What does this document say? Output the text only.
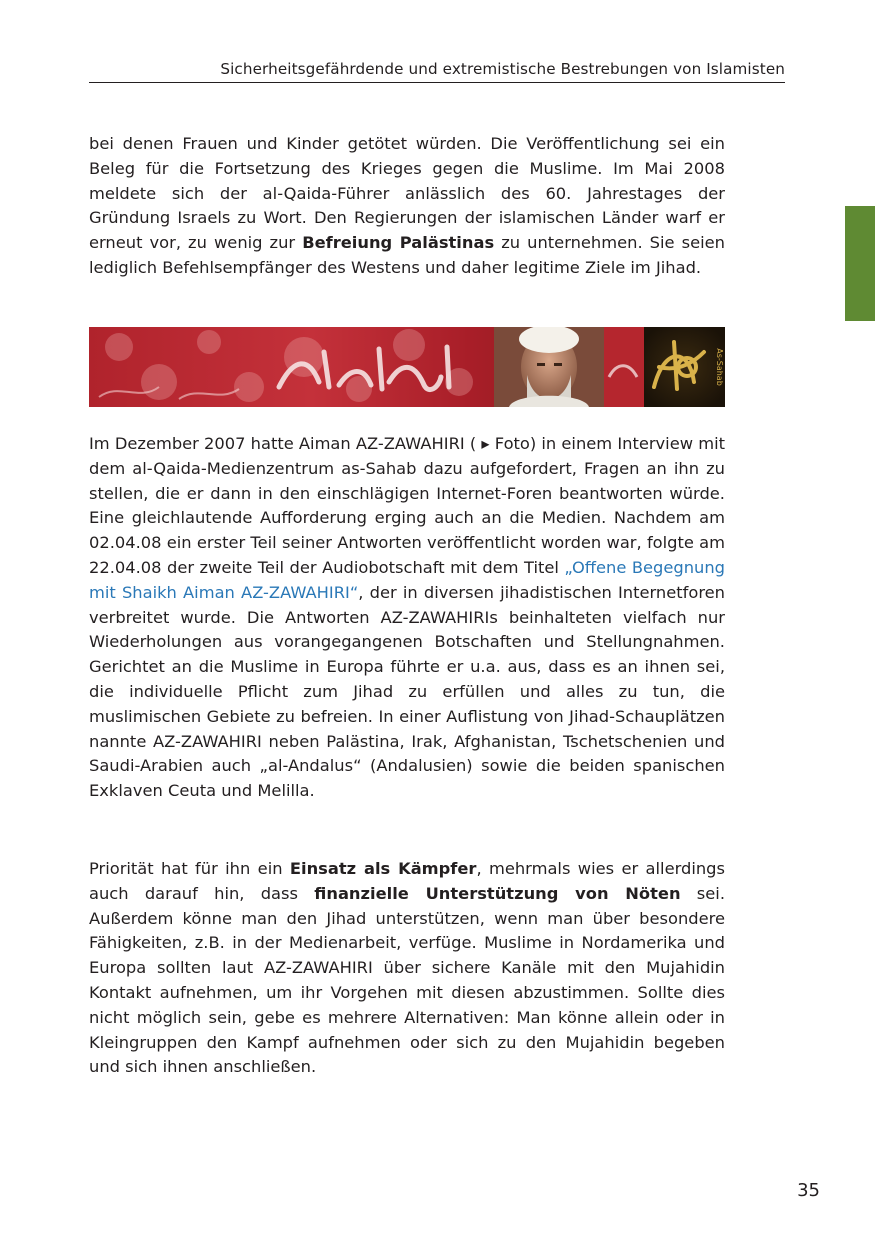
Sicherheitsgefährdende und extremistische Bestrebungen von Islamisten

bei denen Frauen und Kinder getötet würden. Die Veröffentlichung sei ein Beleg für die Fortsetzung des Krieges gegen die Muslime. Im Mai 2008 meldete sich der al-Qaida-Führer anlässlich des 60. Jahrestages der Gründung Israels zu Wort. Den Regierungen der islamischen Länder warf er erneut vor, zu wenig zur Befreiung Palästinas zu unternehmen. Sie seien lediglich Befehlsempfänger des Westens und daher legitime Ziele im Jihad.

As-Sahab

Im Dezember 2007 hatte Aiman AZ-ZAWAHIRI ( ▸ Foto) in einem Interview mit dem al-Qaida-Medienzentrum as-Sahab dazu aufgefordert, Fragen an ihn zu stellen, die er dann in den einschlägigen Internet-Foren beantworten würde. Eine gleichlautende Aufforderung erging auch an die Medien. Nachdem am 02.04.08 ein erster Teil seiner Antworten veröffentlicht worden war, folgte am 22.04.08 der zweite Teil der Audiobotschaft mit dem Titel „Offene Begegnung mit Shaikh Aiman AZ-ZAWAHIRI“, der in diversen jihadistischen Internetforen verbreitet wurde. Die Antworten AZ-ZAWAHIRIs beinhalteten vielfach nur Wiederholungen aus vorangegangenen Botschaften und Stellungnahmen. Gerichtet an die Muslime in Europa führte er u.a. aus, dass es an ihnen sei, die individuelle Pflicht zum Jihad zu erfüllen und alles zu tun, die muslimischen Gebiete zu befreien. In einer Auflistung von Jihad-Schauplätzen nannte AZ-ZAWAHIRI neben Palästina, Irak, Afghanistan, Tschetschenien und Saudi-Arabien auch „al-Andalus“ (Andalusien) sowie die beiden spanischen Exklaven Ceuta und Melilla.

Priorität hat für ihn ein Einsatz als Kämpfer, mehrmals wies er allerdings auch darauf hin, dass finanzielle Unterstützung von Nöten sei. Außerdem könne man den Jihad unterstützen, wenn man über besondere Fähigkeiten, z.B. in der Medienarbeit, verfüge. Muslime in Nordamerika und Europa sollten laut AZ-ZAWAHIRI über sichere Kanäle mit den Mujahidin Kontakt aufnehmen, um ihr Vorgehen mit diesen abzustimmen. Sollte dies nicht möglich sein, gebe es mehrere Alternativen: Man könne allein oder in Kleingruppen den Kampf aufnehmen oder sich zu den Mujahidin begeben und sich ihnen anschließen.

35
